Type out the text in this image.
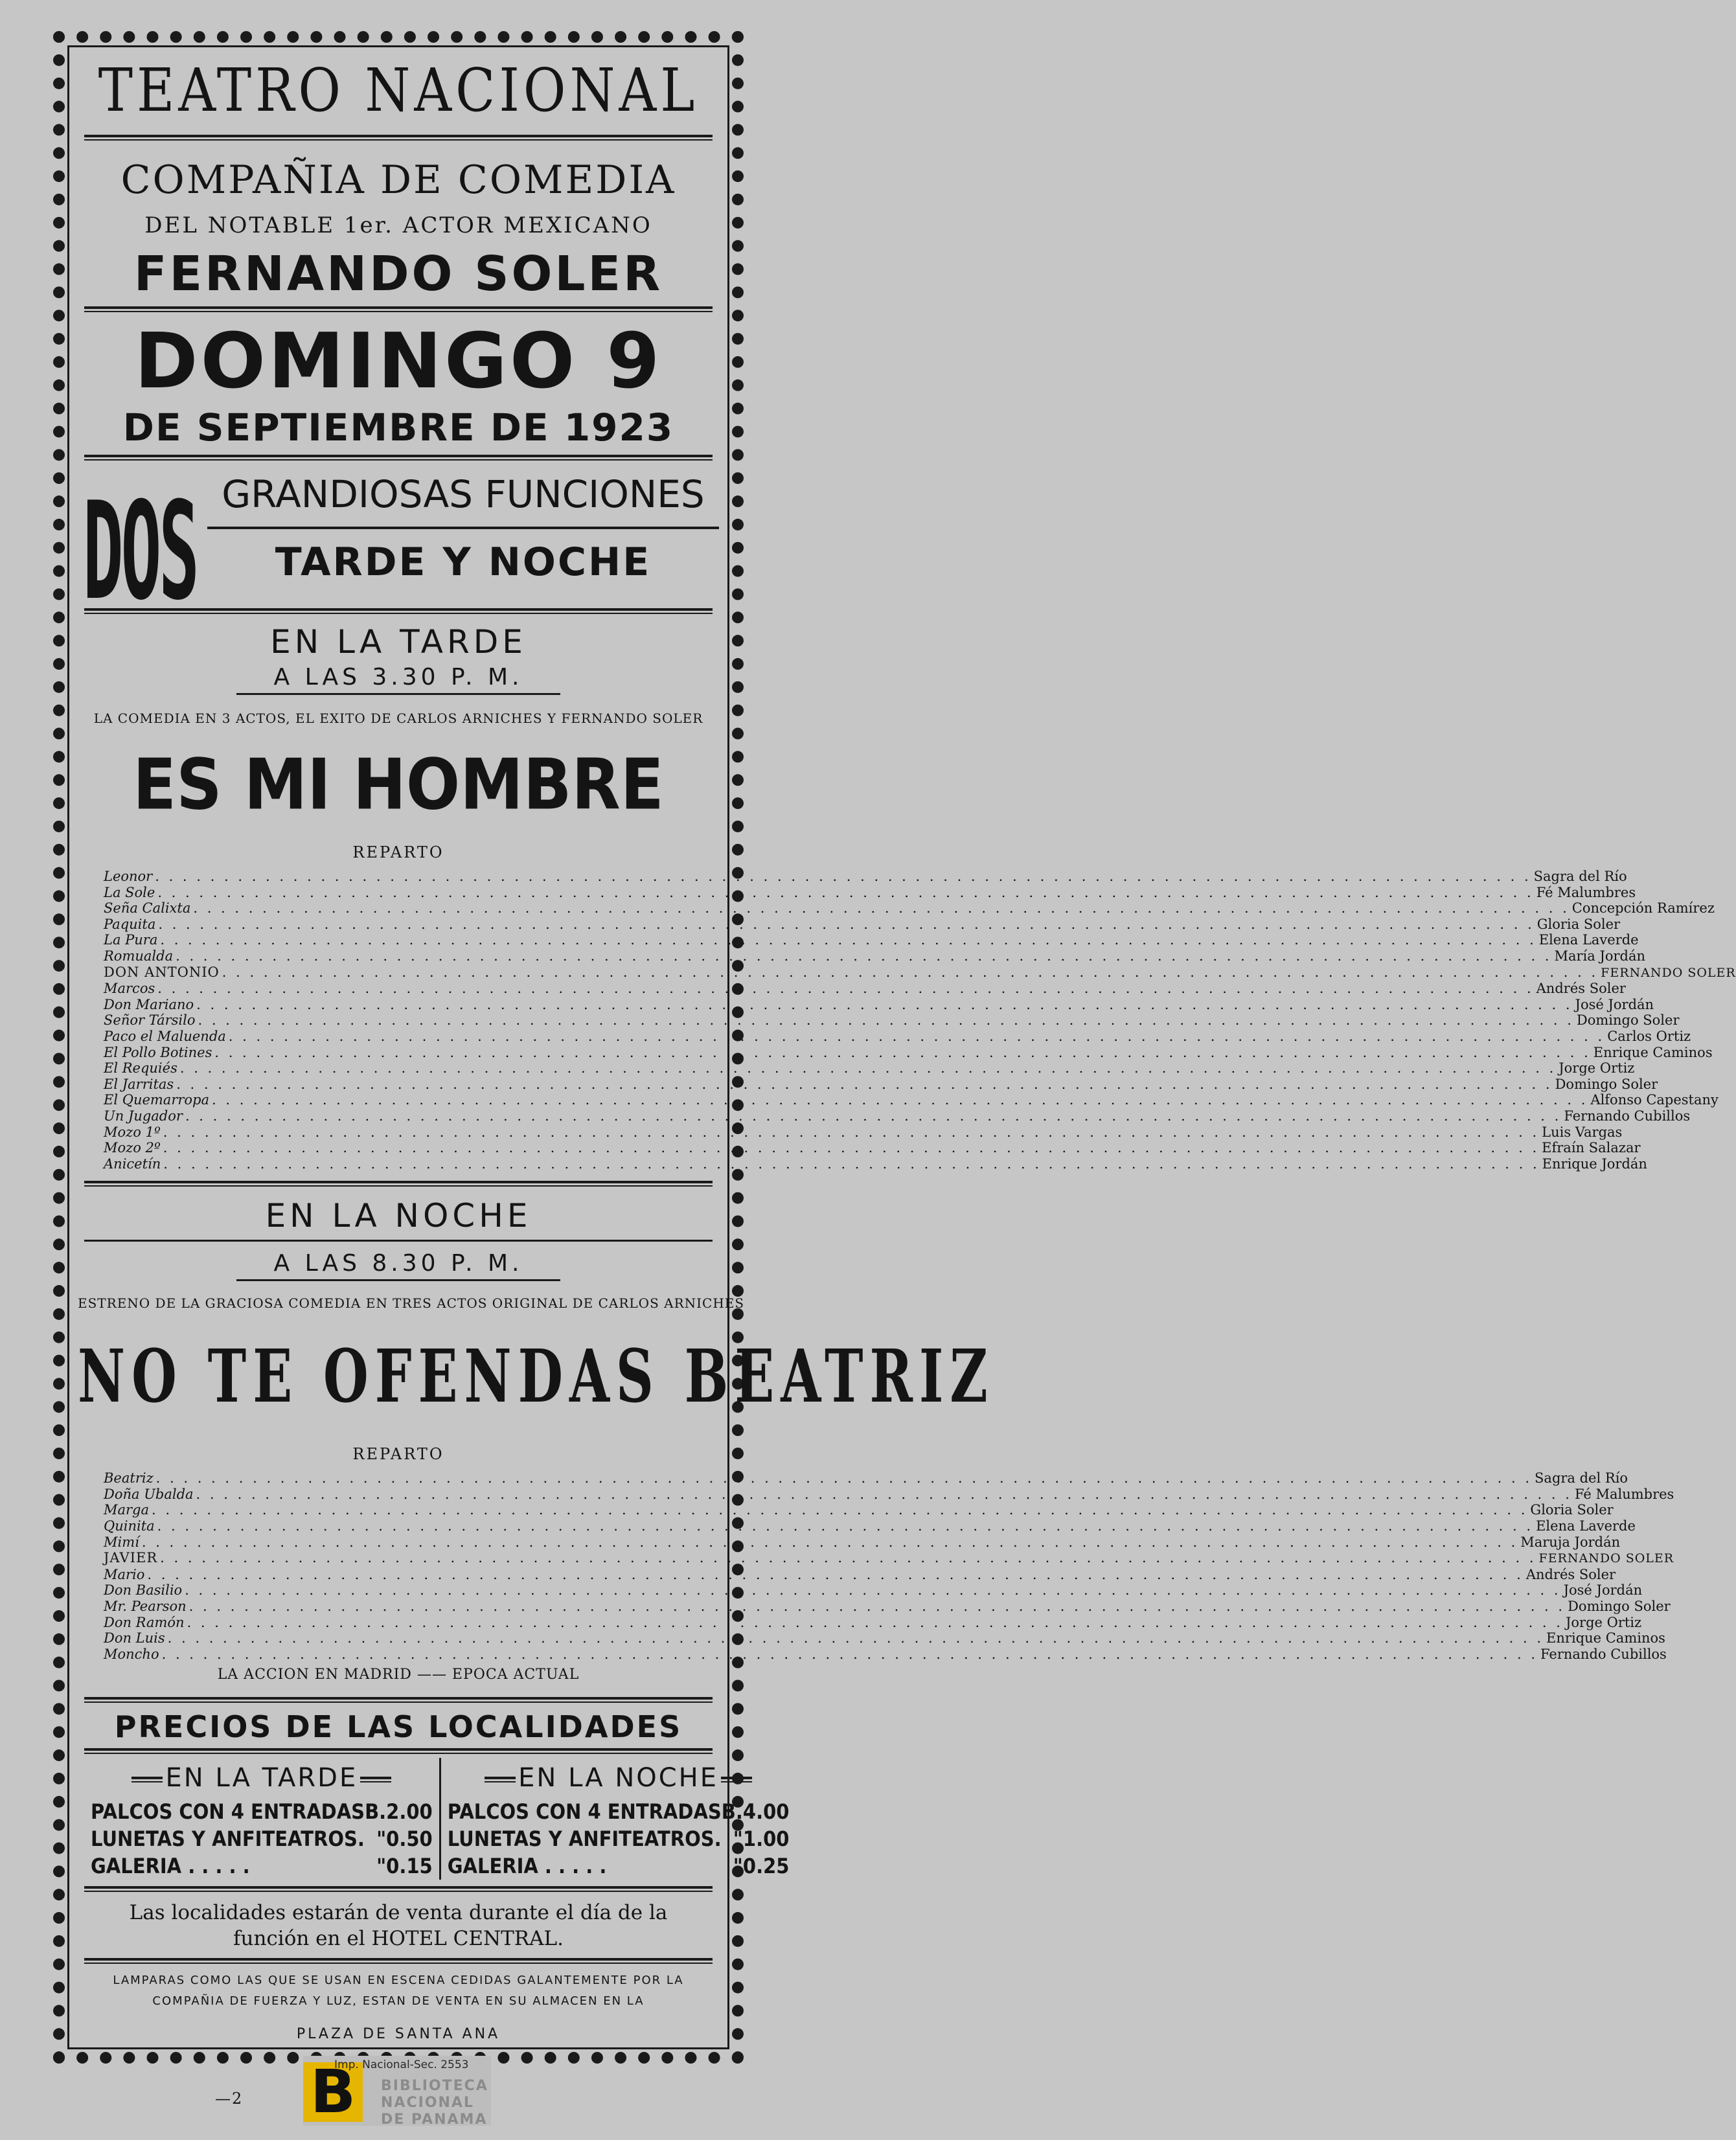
TEATRO NACIONAL
COMPAÑIA DE COMEDIA
DEL NOTABLE 1er. ACTOR MEXICANO
FERNANDO SOLER
DOMINGO 9
DE SEPTIEMBRE DE 1923
DOS GRANDIOSAS FUNCIONES
TARDE Y NOCHE
EN LA TARDE
A LAS 3.30 P. M.
LA COMEDIA EN 3 ACTOS, EL EXITO DE CARLOS ARNICHES Y FERNANDO SOLER
ES MI HOMBRE
REPARTO
Leonor . . .	Sagra del Río
La Sole . . .	Fé Malumbres
Seña Calixta . . .	Concepción Ramírez
Paquita . . .	Gloria Soler
La Pura . . .	Elena Laverde
Romualda . . .	María Jordán
DON ANTONIO . . .	FERNANDO SOLER
Marcos . . .	Andrés Soler
Don Mariano . . .	José Jordán
Señor Társilo . . .	Domingo Soler
Paco el Maluenda . . .	Carlos Ortiz
El Pollo Botines . . .	Enrique Caminos
El Requiés . . .	Jorge Ortiz
El Jarritas . . .	Domingo Soler
El Quemarropa . . .	Alfonso Capestany
Un Jugador . . .	Fernando Cubillos
Mozo 1º . . .	Luis Vargas
Mozo 2º . . .	Efraín Salazar
Anicetín . . .	Enrique Jordán
EN LA NOCHE
A LAS 8.30 P. M.
ESTRENO DE LA GRACIOSA COMEDIA EN TRES ACTOS ORIGINAL DE CARLOS ARNICHES
NO TE OFENDAS BEATRIZ
REPARTO
Beatriz . . .	Sagra del Río
Doña Ubalda . . .	Fé Malumbres
Marga . . .	Gloria Soler
Quinita . . .	Elena Laverde
Mimí . . .	Maruja Jordán
JAVIER . . .	FERNANDO SOLER
Mario . . .	Andrés Soler
Don Basilio . . .	José Jordán
Mr. Pearson . . .	Domingo Soler
Don Ramón . . .	Jorge Ortiz
Don Luis . . .	Enrique Caminos
Moncho . . .	Fernando Cubillos
LA ACCION EN MADRID —— EPOCA ACTUAL
PRECIOS DE LAS LOCALIDADES
EN LA TARDE
PALCOS CON 4 ENTRADAS B.2.00
LUNETAS Y ANFITEATROS. "0.50
GALERIA . . . . .	"0.15
EN LA NOCHE
PALCOS CON 4 ENTRADAS B.4.00
LUNETAS Y ANFITEATROS. "1.00
GALERIA . . . . .	"0.25
Las localidades estarán de venta durante el día de la función en el HOTEL CENTRAL.
LAMPARAS COMO LAS QUE SE USAN EN ESCENA CEDIDAS GALANTEMENTE POR LA COMPAÑIA DE FUERZA Y LUZ, ESTAN DE VENTA EN SU ALMACEN EN LA
PLAZA DE SANTA ANA
—2 B
Imp. Nacional-Sec. 2553
BIBLIOTECA
NACIONAL
DE PANAMA
